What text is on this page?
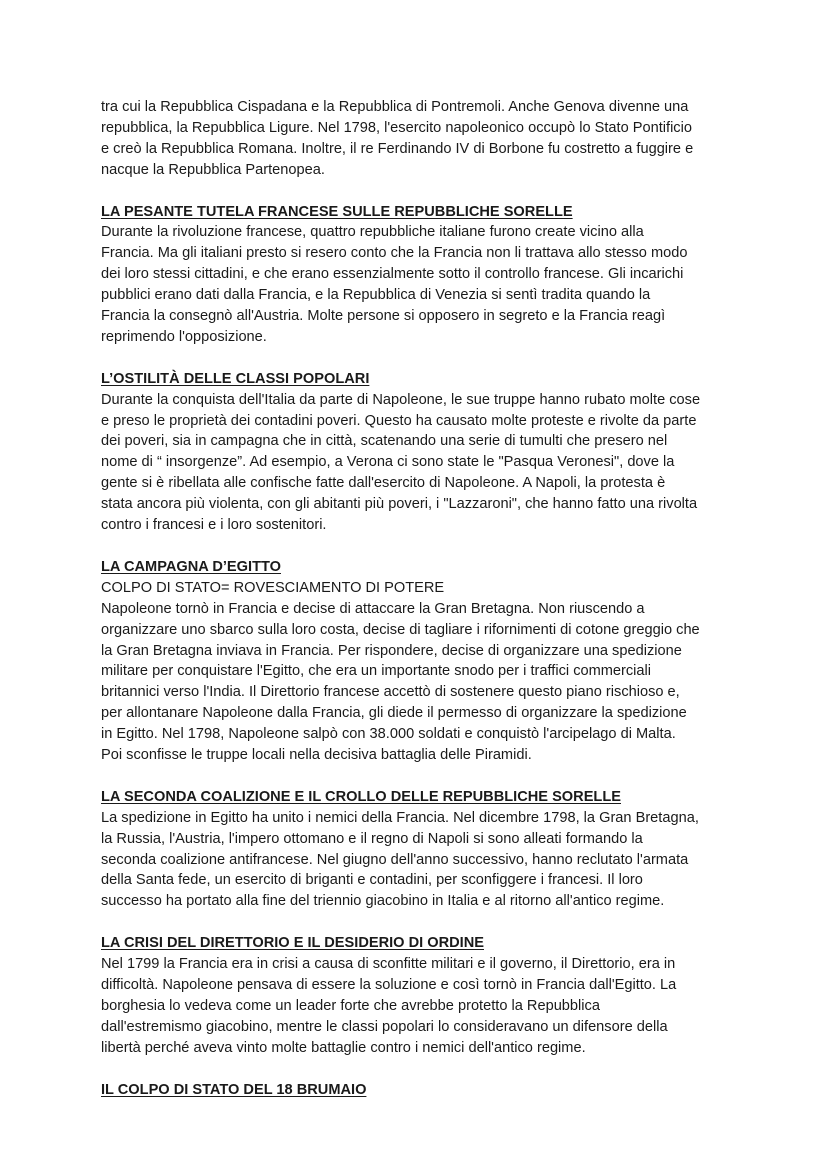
tra cui la Repubblica Cispadana e la Repubblica di Pontremoli. Anche Genova divenne una
repubblica, la Repubblica Ligure. Nel 1798, l'esercito napoleonico occupò lo Stato Pontificio
e creò la Repubblica Romana. Inoltre, il re Ferdinando IV di Borbone fu costretto a fuggire e
nacque la Repubblica Partenopea.

LA PESANTE TUTELA FRANCESE SULLE REPUBBLICHE SORELLE

Durante la rivoluzione francese, quattro repubbliche italiane furono create vicino alla
Francia. Ma gli italiani presto si resero conto che la Francia non li trattava allo stesso modo
dei loro stessi cittadini, e che erano essenzialmente sotto il controllo francese. Gli incarichi
pubblici erano dati dalla Francia, e la Repubblica di Venezia si sentì tradita quando la
Francia la consegnò all'Austria. Molte persone si opposero in segreto e la Francia reagì
reprimendo l'opposizione.

L’OSTILITÀ DELLE CLASSI POPOLARI

Durante la conquista dell'Italia da parte di Napoleone, le sue truppe hanno rubato molte cose
e preso le proprietà dei contadini poveri. Questo ha causato molte proteste e rivolte da parte
dei poveri, sia in campagna che in città, scatenando una serie di tumulti che presero nel
nome di “ insorgenze”. Ad esempio, a Verona ci sono state le "Pasqua Veronesi", dove la
gente si è ribellata alle confische fatte dall'esercito di Napoleone. A Napoli, la protesta è
stata ancora più violenta, con gli abitanti più poveri, i "Lazzaroni", che hanno fatto una rivolta
contro i francesi e i loro sostenitori.

LA CAMPAGNA D’EGITTO

COLPO DI STATO= ROVESCIAMENTO DI POTERE

Napoleone tornò in Francia e decise di attaccare la Gran Bretagna. Non riuscendo a
organizzare uno sbarco sulla loro costa, decise di tagliare i rifornimenti di cotone greggio che
la Gran Bretagna inviava in Francia. Per rispondere, decise di organizzare una spedizione
militare per conquistare l'Egitto, che era un importante snodo per i traffici commerciali
britannici verso l'India. Il Direttorio francese accettò di sostenere questo piano rischioso e,
per allontanare Napoleone dalla Francia, gli diede il permesso di organizzare la spedizione
in Egitto. Nel 1798, Napoleone salpò con 38.000 soldati e conquistò l'arcipelago di Malta.
Poi sconfisse le truppe locali nella decisiva battaglia delle Piramidi.

LA SECONDA COALIZIONE E IL CROLLO DELLE REPUBBLICHE SORELLE

La spedizione in Egitto ha unito i nemici della Francia. Nel dicembre 1798, la Gran Bretagna,
la Russia, l'Austria, l'impero ottomano e il regno di Napoli si sono alleati formando la
seconda coalizione antifrancese. Nel giugno dell'anno successivo, hanno reclutato l'armata
della Santa fede, un esercito di briganti e contadini, per sconfiggere i francesi. Il loro
successo ha portato alla fine del triennio giacobino in Italia e al ritorno all'antico regime.

LA CRISI DEL DIRETTORIO E IL DESIDERIO DI ORDINE

Nel 1799 la Francia era in crisi a causa di sconfitte militari e il governo, il Direttorio, era in
difficoltà. Napoleone pensava di essere la soluzione e così tornò in Francia dall'Egitto. La
borghesia lo vedeva come un leader forte che avrebbe protetto la Repubblica
dall'estremismo giacobino, mentre le classi popolari lo consideravano un difensore della
libertà perché aveva vinto molte battaglie contro i nemici dell'antico regime.

IL COLPO DI STATO DEL 18 BRUMAIO
